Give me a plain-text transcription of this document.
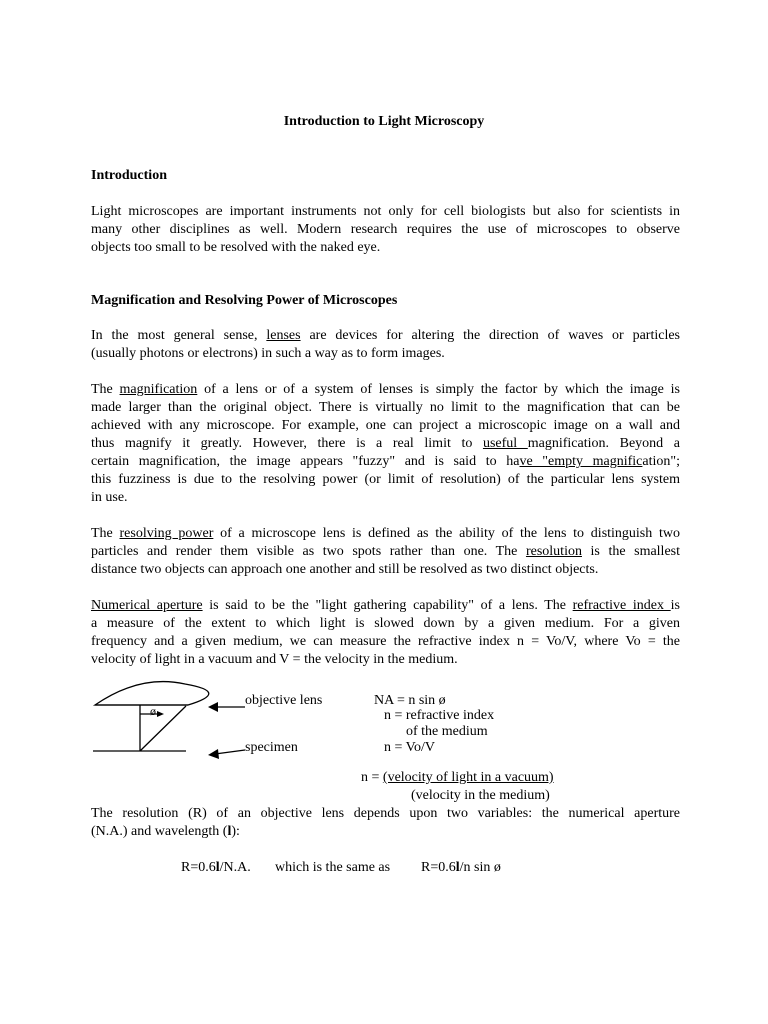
Introduction to Light Microscopy
Introduction
Light microscopes are important instruments not only for cell biologists but also for scientists in
many other disciplines as well. Modern research requires the use of microscopes to observe
objects too small to be resolved with the naked eye.
Magnification and Resolving Power of Microscopes
In the most general sense, lenses are devices for altering the direction of waves or particles
(usually photons or electrons) in such a way as to form images.
The magnification of a lens or of a system of lenses is simply the factor by which the image is
made larger than the original object. There is virtually no limit to the magnification that can be
achieved with any microscope. For example, one can project a microscopic image on a wall and
thus magnify it greatly. However, there is a real limit to useful magnification. Beyond a
certain magnification, the image appears "fuzzy" and is said to have "empty magnification";
this fuzziness is due to the resolving power (or limit of resolution) of the particular lens system
in use.
The resolving power of a microscope lens is defined as the ability of the lens to distinguish two
particles and render them visible as two spots rather than one. The resolution is the smallest
distance two objects can approach one another and still be resolved as two distinct objects.
Numerical aperture is said to be the "light gathering capability" of a lens. The refractive index is
a measure of the extent to which light is slowed down by a given medium. For a given
frequency and a given medium, we can measure the refractive index n = Vo/V, where Vo = the
velocity of light in a vacuum and V = the velocity in the medium.
ø
objective lens
specimen
NA = n sin ø
n = refractive index
of the medium
n = Vo/V
n = (velocity of light in a vacuum)
(velocity in the medium)
The resolution (R) of an objective lens depends upon two variables: the numerical aperture
(N.A.) and wavelength (l):
R=0.6l/N.A. which is the same as R=0.6l/n sin ø
